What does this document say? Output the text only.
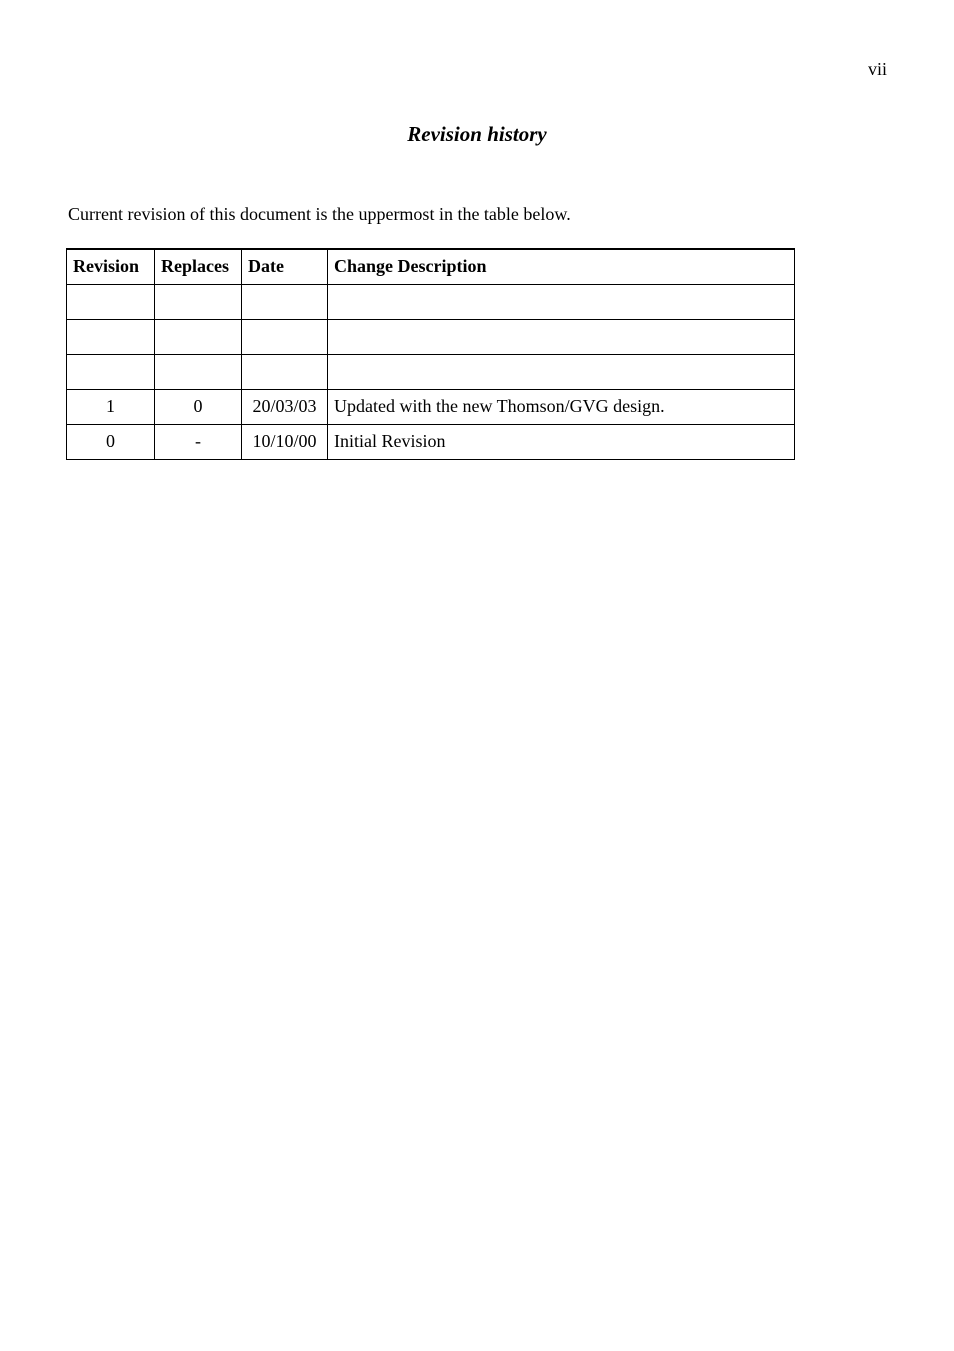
vii
Revision history
Current revision of this document is the uppermost in the table below.
Revision	Replaces	Date	Change Description

1	0	20/03/03	Updated with the new Thomson/GVG design.
0	-	10/10/00	Initial Revision
